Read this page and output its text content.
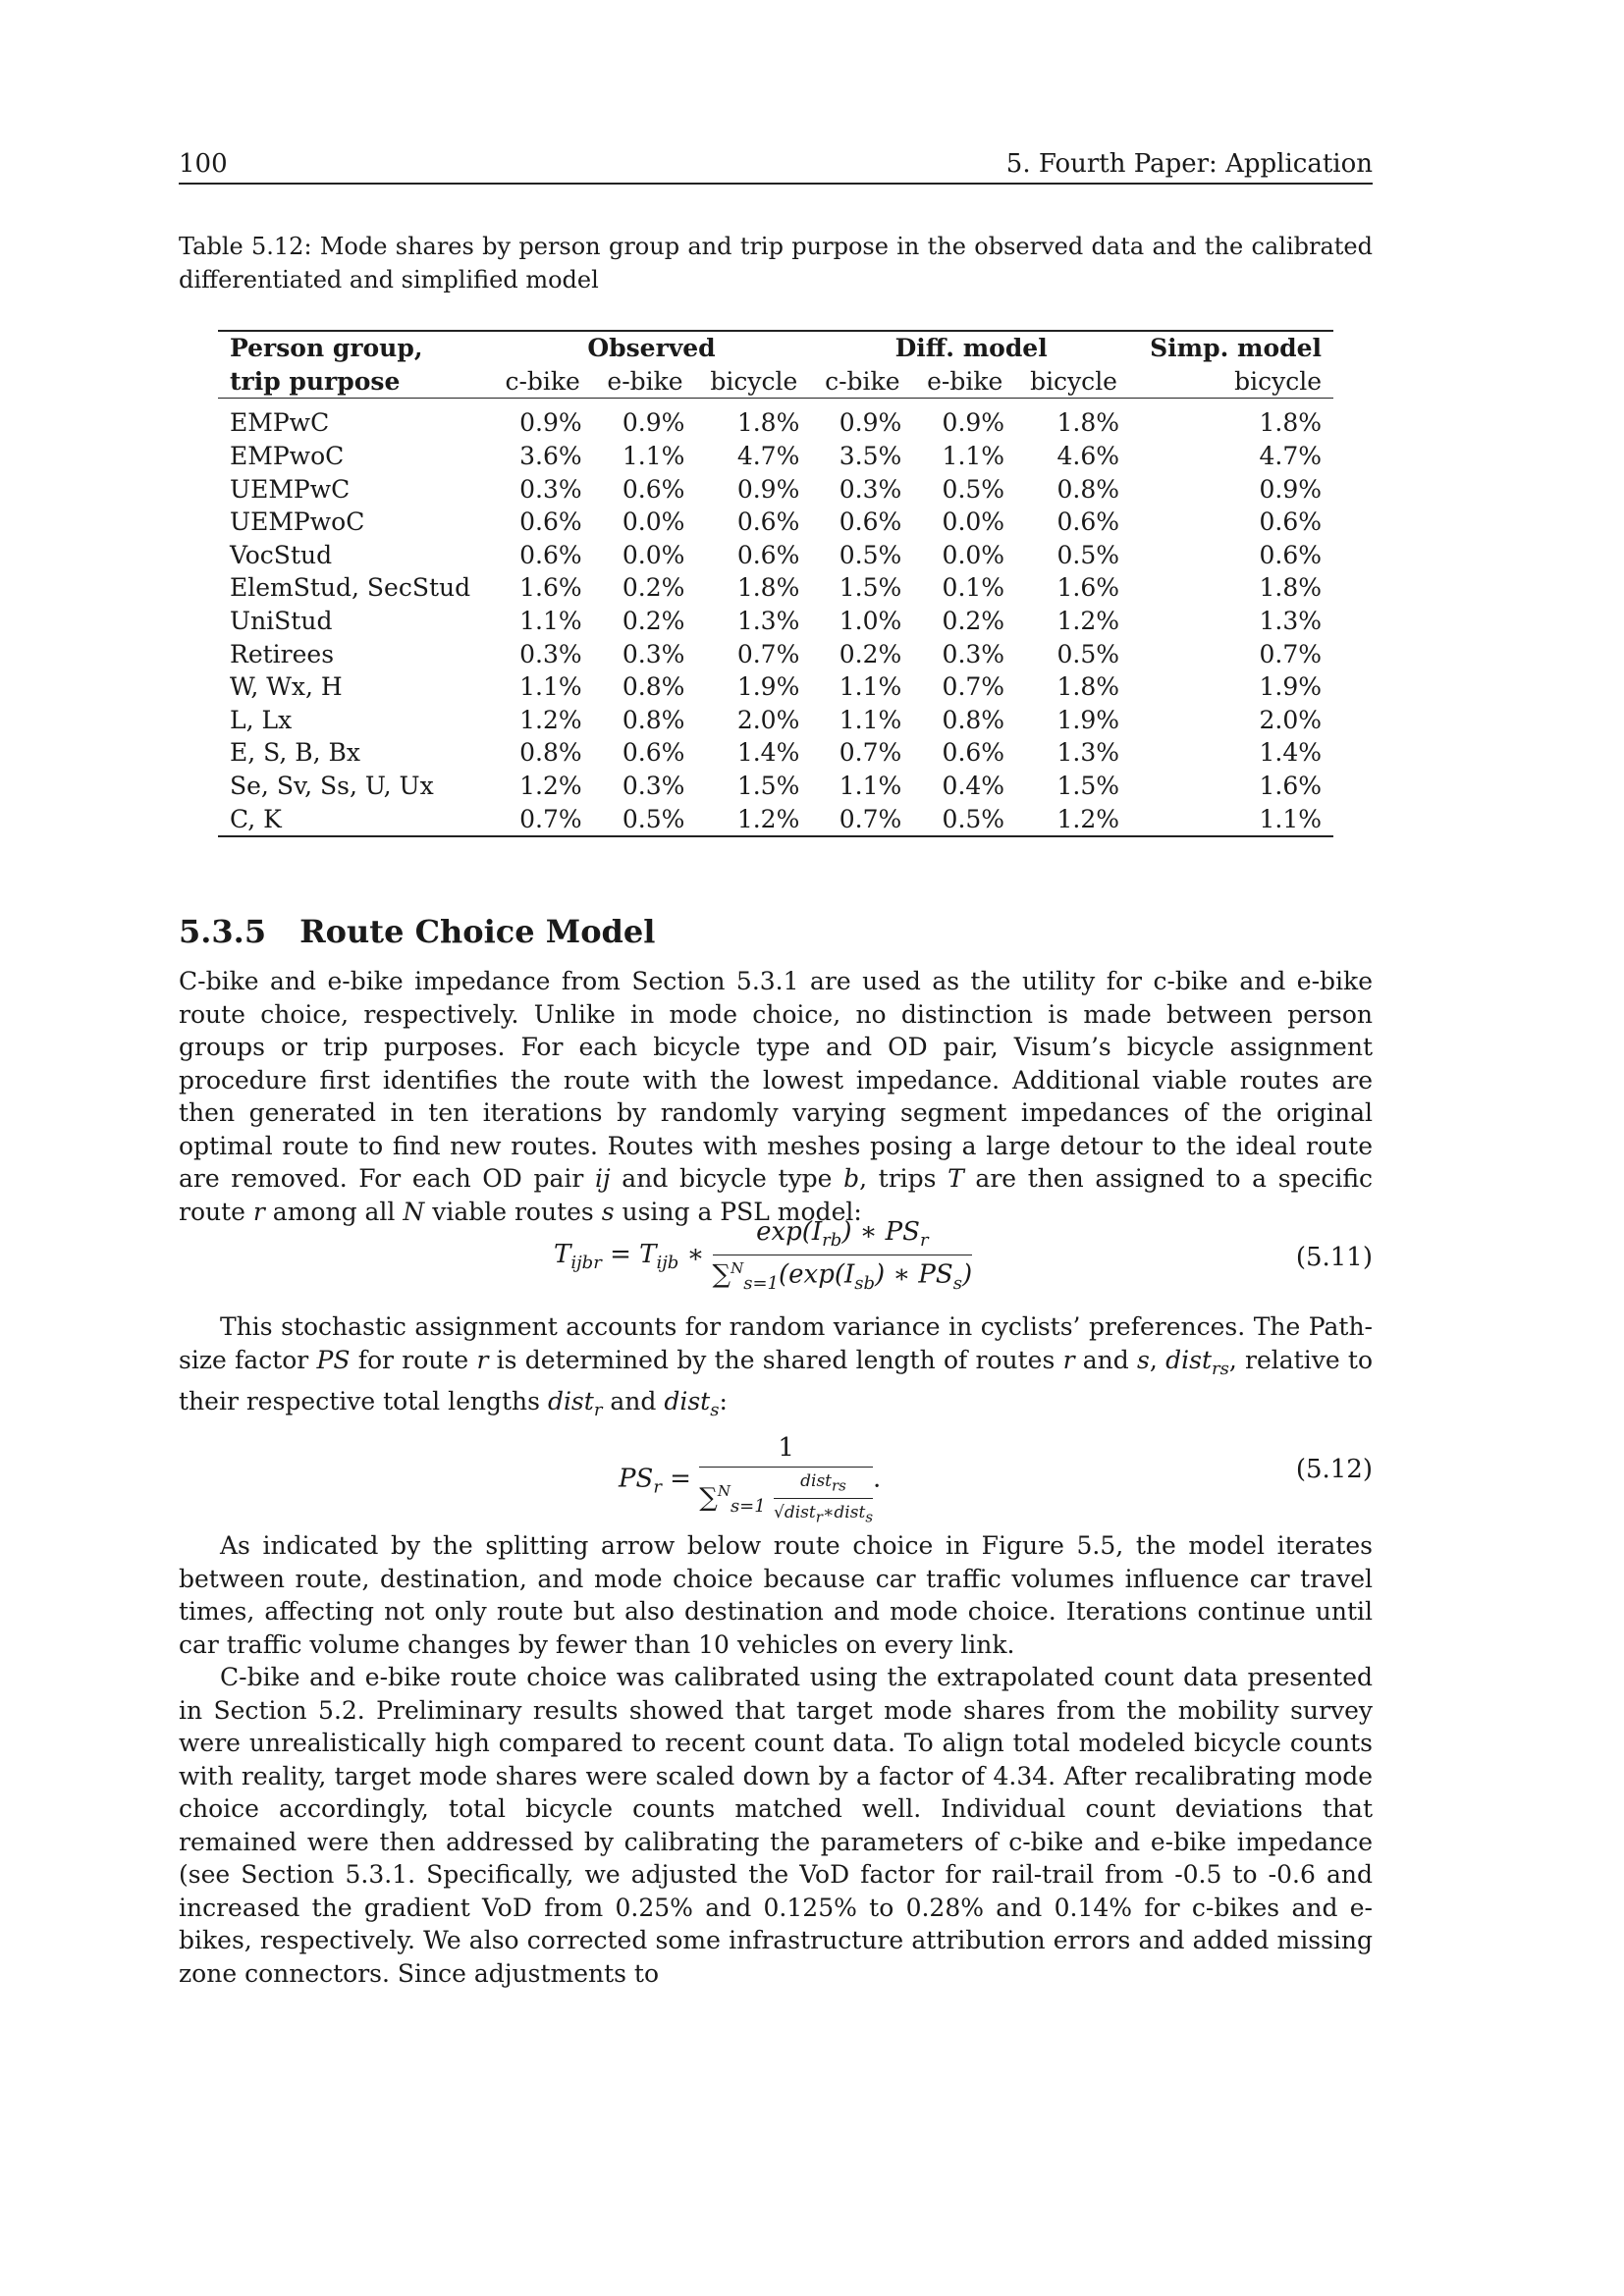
100	5. Fourth Paper: Application
Table 5.12: Mode shares by person group and trip purpose in the observed data and the calibrated differentiated and simplified model
Person group,	Observed			Diff. model			Simp. model
trip purpose	c-bike	e-bike	bicycle	c-bike	e-bike	bicycle	bicycle
EMPwC	0.9%	0.9%	1.8%	0.9%	0.9%	1.8%	1.8%
EMPwoC	3.6%	1.1%	4.7%	3.5%	1.1%	4.6%	4.7%
UEMPwC	0.3%	0.6%	0.9%	0.3%	0.5%	0.8%	0.9%
UEMPwoC	0.6%	0.0%	0.6%	0.6%	0.0%	0.6%	0.6%
VocStud	0.6%	0.0%	0.6%	0.5%	0.0%	0.5%	0.6%
ElemStud, SecStud	1.6%	0.2%	1.8%	1.5%	0.1%	1.6%	1.8%
UniStud	1.1%	0.2%	1.3%	1.0%	0.2%	1.2%	1.3%
Retirees	0.3%	0.3%	0.7%	0.2%	0.3%	0.5%	0.7%
W, Wx, H	1.1%	0.8%	1.9%	1.1%	0.7%	1.8%	1.9%
L, Lx	1.2%	0.8%	2.0%	1.1%	0.8%	1.9%	2.0%
E, S, B, Bx	0.8%	0.6%	1.4%	0.7%	0.6%	1.3%	1.4%
Se, Sv, Ss, U, Ux	1.2%	0.3%	1.5%	1.1%	0.4%	1.5%	1.6%
C, K	0.7%	0.5%	1.2%	0.7%	0.5%	1.2%	1.1%
5.3.5 Route Choice Model

C-bike and e-bike impedance from Section 5.3.1 are used as the utility for c-bike and e-bike route choice, respectively. Unlike in mode choice, no distinction is made between person groups or trip purposes. For each bicycle type and OD pair, Visum’s bicycle assignment procedure first identifies the route with the lowest impedance. Additional viable routes are then generated in ten iterations by randomly varying segment impedances of the original optimal route to find new routes. Routes with meshes posing a large detour to the ideal route are removed. For each OD pair ij and bicycle type b, trips T are then assigned to a specific route r among all N viable routes s using a PSL model:

$T_{ijbr} = T_{ijb}$ ∗ $\frac{\exp(I_{rb}) ∗ PS_r}{\sum^N_{s=1}(\exp(I_{sb}) ∗ PS_s)}$	(5.11)

This stochastic assignment accounts for random variance in cyclists’ preferences. The Path-size factor PS for route r is determined by the shared length of routes r and s, dist$_{rs}$, relative to their respective total lengths dist$_r$ and dist$_s$:

$PS_r = \frac{1}{\sum^N_{s=1} \frac{dist_{rs}}{√dist_r∗dist_s}}$ .	(5.12)

As indicated by the splitting arrow below route choice in Figure 5.5, the model iterates between route, destination, and mode choice because car traffic volumes influence car travel times, affecting not only route but also destination and mode choice. Iterations continue until car traffic volume changes by fewer than 10 vehicles on every link.

C-bike and e-bike route choice was calibrated using the extrapolated count data presented in Section 5.2. Preliminary results showed that target mode shares from the mobility survey were unrealistically high compared to recent count data. To align total modeled bicycle counts with reality, target mode shares were scaled down by a factor of 4.34. After recalibrating mode choice accordingly, total bicycle counts matched well. Individual count deviations that remained were then addressed by calibrating the parameters of c-bike and e-bike impedance (see Section 5.3.1. Specifically, we adjusted the VoD factor for rail-trail from -0.5 to -0.6 and increased the gradient VoD from 0.25% and 0.125% to 0.28% and 0.14% for c-bikes and e-bikes, respectively. We also corrected some infrastructure attribution errors and added missing zone connectors. Since adjustments to
